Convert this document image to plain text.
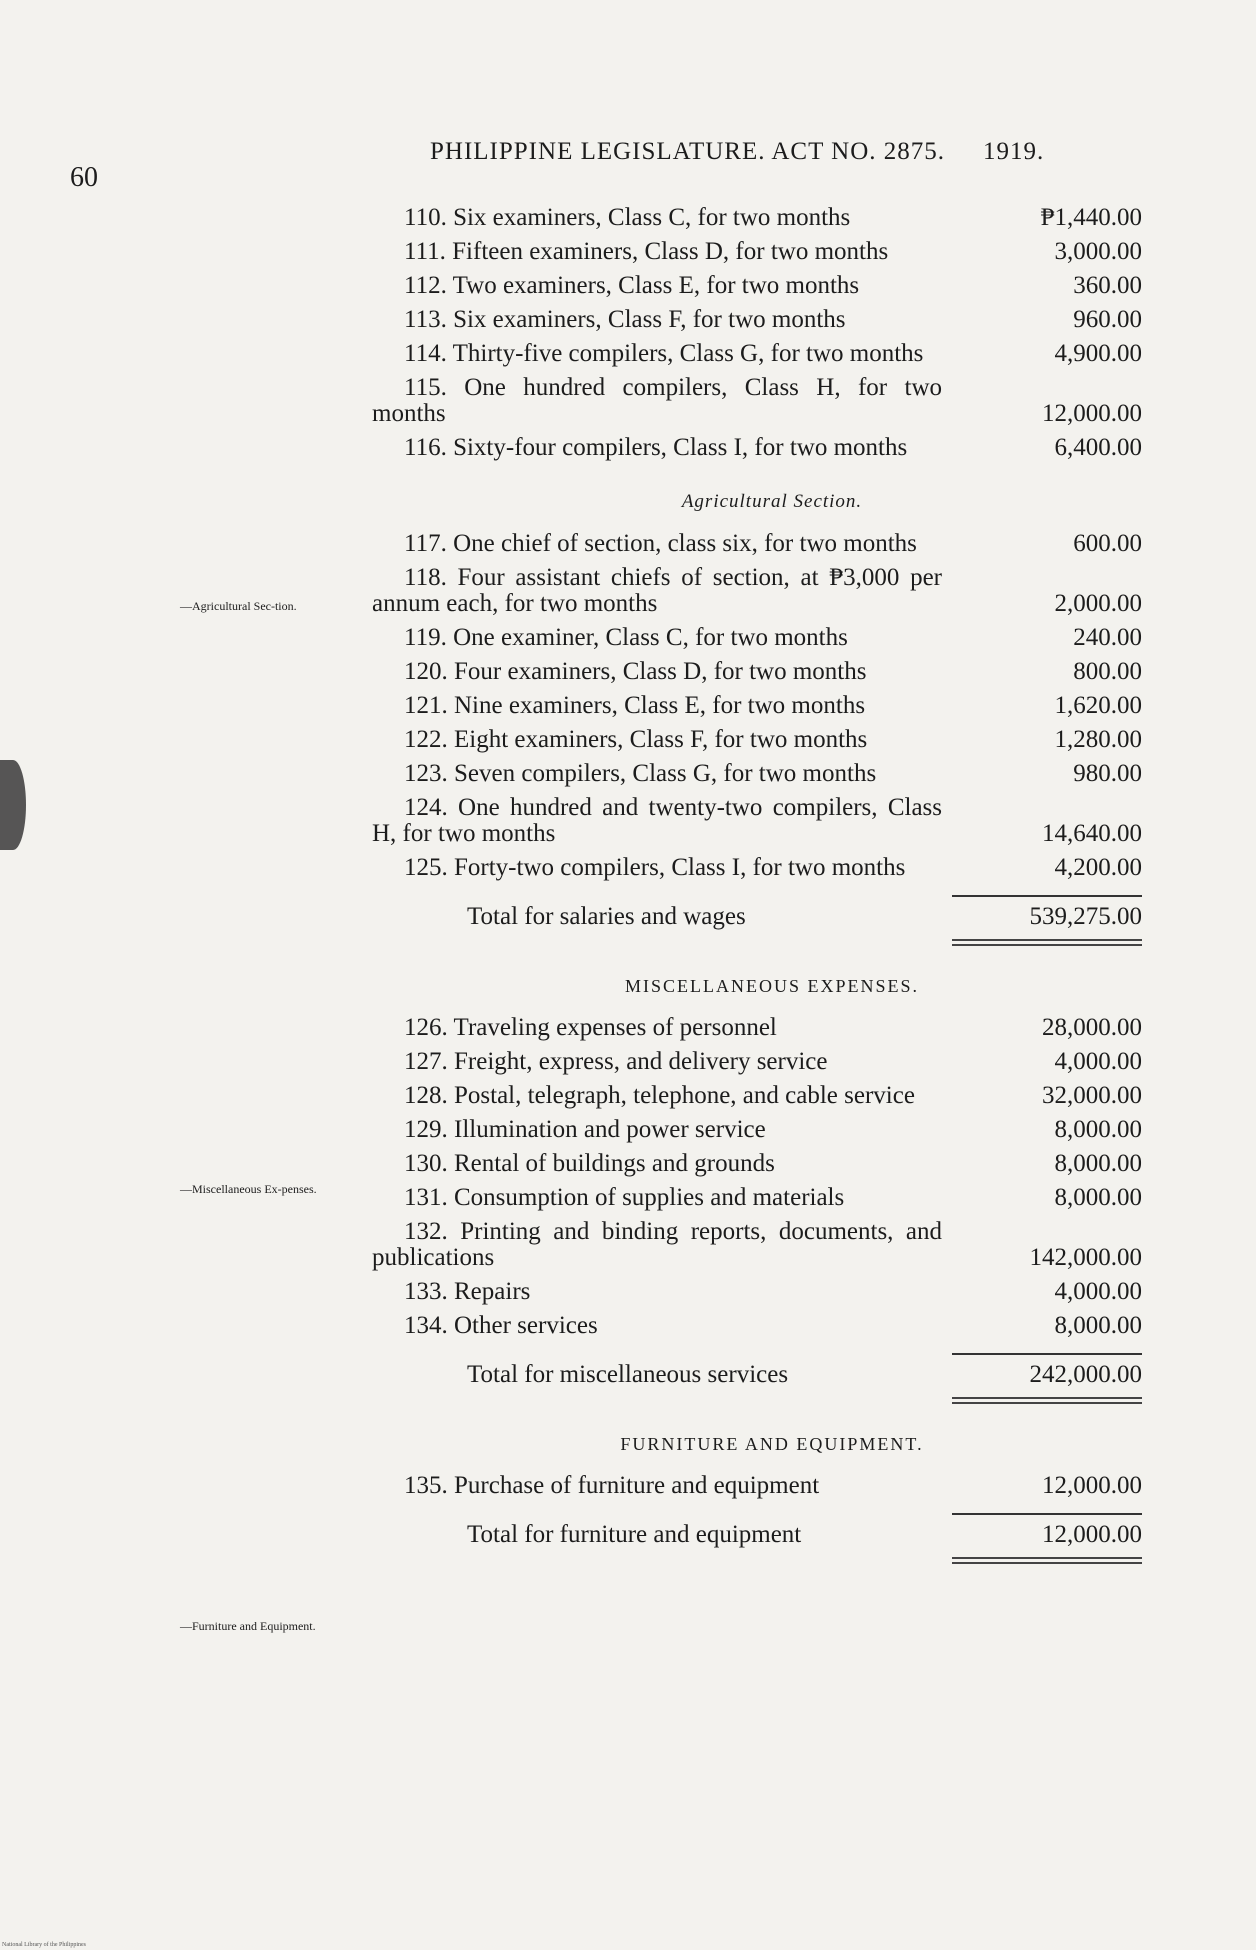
60
PHILIPPINE LEGISLATURE. ACT NO. 2875. 1919.
—Agricultural Sec-tion.
—Miscellaneous Ex-penses.
—Furniture and Equipment.
110. Six examiners, Class C, for two months	₱1,440.00
111. Fifteen examiners, Class D, for two months	3,000.00
112. Two examiners, Class E, for two months	360.00
113. Six examiners, Class F, for two months	960.00
114. Thirty-five compilers, Class G, for two months	4,900.00
115. One hundred compilers, Class H, for two months	12,000.00
116. Sixty-four compilers, Class I, for two months	6,400.00
Agricultural Section.
117. One chief of section, class six, for two months	600.00
118. Four assistant chiefs of section, at ₱3,000 per annum each, for two months	2,000.00
119. One examiner, Class C, for two months	240.00
120. Four examiners, Class D, for two months	800.00
121. Nine examiners, Class E, for two months	1,620.00
122. Eight examiners, Class F, for two months	1,280.00
123. Seven compilers, Class G, for two months	980.00
124. One hundred and twenty-two compilers, Class H, for two months	14,640.00
125. Forty-two compilers, Class I, for two months	4,200.00
Total for salaries and wages	539,275.00
MISCELLANEOUS EXPENSES.
126. Traveling expenses of personnel	28,000.00
127. Freight, express, and delivery service	4,000.00
128. Postal, telegraph, telephone, and cable service	32,000.00
129. Illumination and power service	8,000.00
130. Rental of buildings and grounds	8,000.00
131. Consumption of supplies and materials	8,000.00
132. Printing and binding reports, documents, and publications	142,000.00
133. Repairs	4,000.00
134. Other services	8,000.00
Total for miscellaneous services	242,000.00
FURNITURE AND EQUIPMENT.
135. Purchase of furniture and equipment	12,000.00
Total for furniture and equipment	12,000.00
National Library of the Philippines
